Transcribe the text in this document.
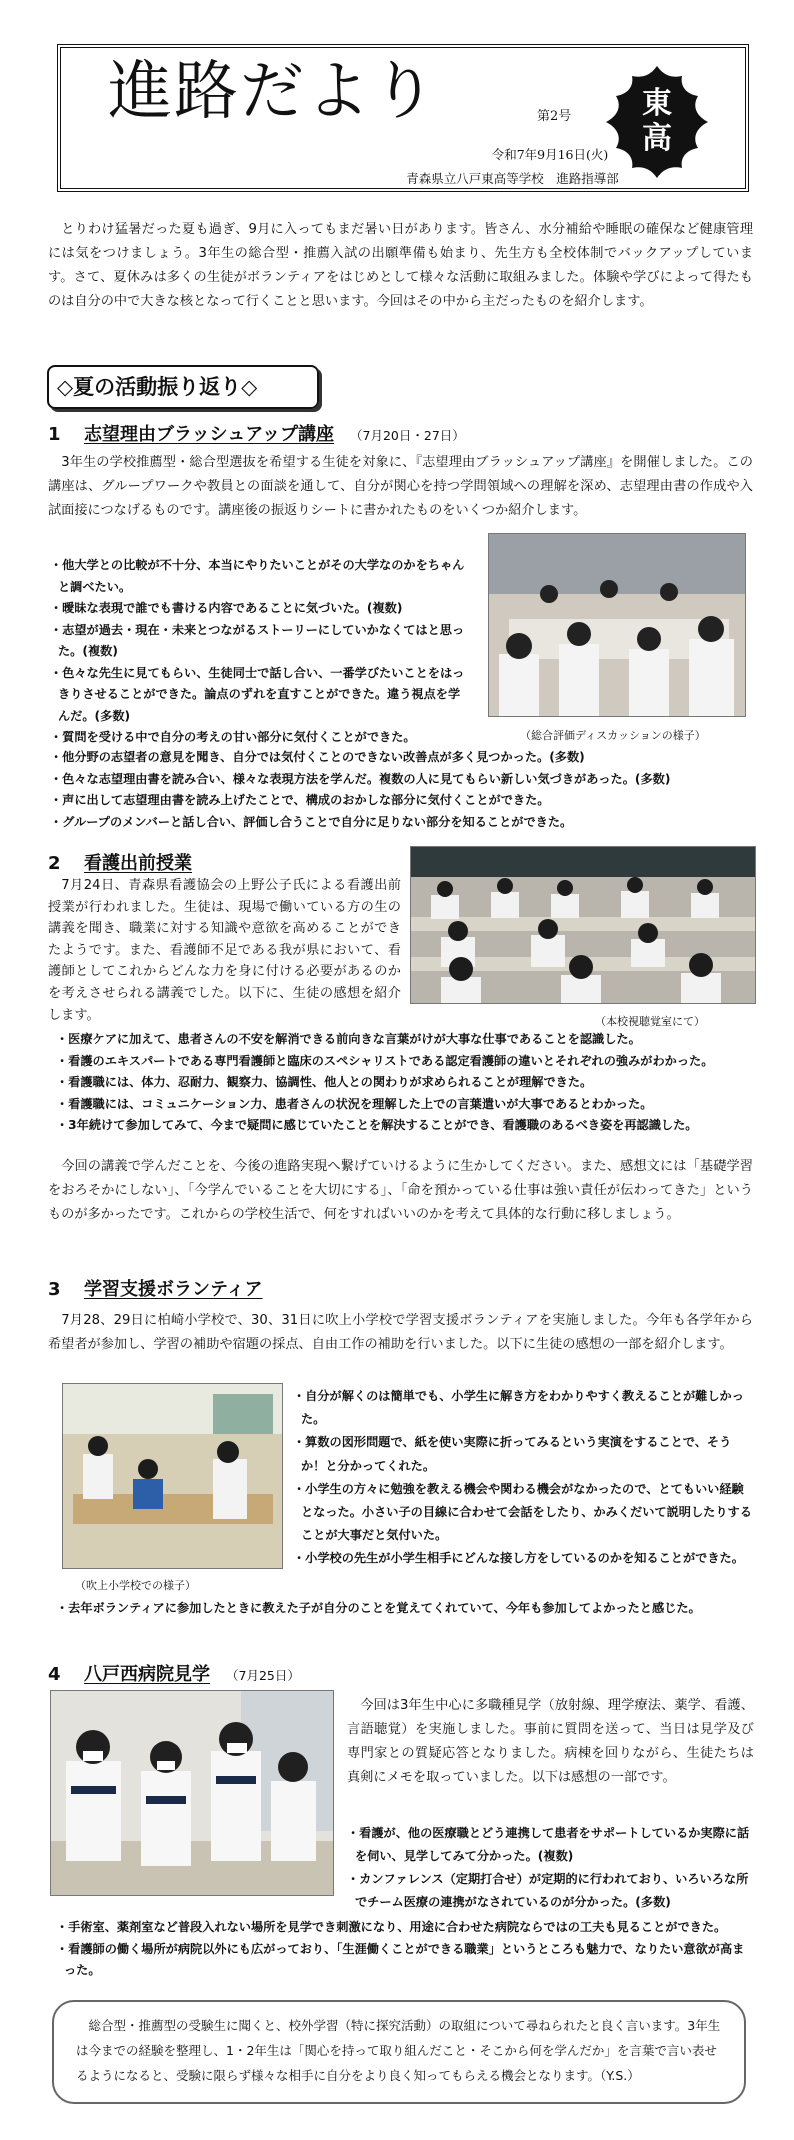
進路だより	第2号
令和7年9月16日(火)
青森県立八戸東高等学校　進路指導部
東
高

とりわけ猛暑だった夏も過ぎ、9月に入ってもまだ暑い日があります。皆さん、水分補給や睡眠の確保など健康管理には気をつけましょう。3年生の総合型・推薦入試の出願準備も始まり、先生方も全校体制でバックアップしています。さて、夏休みは多くの生徒がボランティアをはじめとして様々な活動に取組みました。体験や学びによって得たものは自分の中で大きな核となって行くことと思います。今回はその中から主だったものを紹介します。

◇夏の活動振り返り◇
1 志望理由ブラッシュアップ講座 （7月20日・27日）

3年生の学校推薦型・総合型選抜を希望する生徒を対象に、『志望理由ブラッシュアップ講座』を開催しました。この講座は、グループワークや教員との面談を通して、自分が関心を持つ学問領域への理解を深め、志望理由書の作成や入試面接につなげるものです。講座後の振返りシートに書かれたものをいくつか紹介します。

・他大学との比較が不十分、本当にやりたいことがその大学なのかをちゃんと調べたい。
・曖昧な表現で誰でも書ける内容であることに気づいた。(複数)
・志望が過去・現在・未来とつながるストーリーにしていかなくてはと思った。(複数)
・色々な先生に見てもらい、生徒同士で話し合い、一番学びたいことをはっきりさせることができた。論点のずれを直すことができた。違う視点を学んだ。(多数)
・質問を受ける中で自分の考えの甘い部分に気付くことができた。	（総合評価ディスカッションの様子）
・他分野の志望者の意見を聞き、自分では気付くことのできない改善点が多く見つかった。(多数)
・色々な志望理由書を読み合い、様々な表現方法を学んだ。複数の人に見てもらい新しい気づきがあった。(多数)
・声に出して志望理由書を読み上げたことで、構成のおかしな部分に気付くことができた。
・グループのメンバーと話し合い、評価し合うことで自分に足りない部分を知ることができた。
2 看護出前授業

7月24日、青森県看護協会の上野公子氏による看護出前授業が行われました。生徒は、現場で働いている方の生の講義を聞き、職業に対する知識や意欲を高めることができたようです。また、看護師不足である我が県において、看護師としてこれからどんな力を身に付ける必要があるのかを考えさせられる講義でした。以下に、生徒の感想を紹介します。	（本校視聴覚室にて）
・医療ケアに加えて、患者さんの不安を解消できる前向きな言葉がけが大事な仕事であることを認識した。
・看護のエキスパートである専門看護師と臨床のスペシャリストである認定看護師の違いとそれぞれの強みがわかった。
・看護職には、体力、忍耐力、観察力、協調性、他人との関わりが求められることが理解できた。
・看護職には、コミュニケーション力、患者さんの状況を理解した上での言葉遣いが大事であるとわかった。
・3年続けて参加してみて、今まで疑問に感じていたことを解決することができ、看護職のあるべき姿を再認識した。

今回の講義で学んだことを、今後の進路実現へ繋げていけるように生かしてください。また、感想文には「基礎学習をおろそかにしない」、「今学んでいることを大切にする」、「命を預かっている仕事は強い責任が伝わってきた」というものが多かったです。これからの学校生活で、何をすればいいのかを考えて具体的な行動に移しましょう。

3 学習支援ボランティア

7月28、29日に柏崎小学校で、30、31日に吹上小学校で学習支援ボランティアを実施しました。今年も各学年から希望者が参加し、学習の補助や宿題の採点、自由工作の補助を行いました。以下に生徒の感想の一部を紹介します。

（吹上小学校での様子）
・自分が解くのは簡単でも、小学生に解き方をわかりやすく教えることが難しかった。
・算数の図形問題で、紙を使い実際に折ってみるという実演をすることで、そうか！と分かってくれた。
・小学生の方々に勉強を教える機会や関わる機会がなかったので、とてもいい経験となった。小さい子の目線に合わせて会話をしたり、かみくだいて説明したりすることが大事だと気付いた。
・小学校の先生が小学生相手にどんな接し方をしているのかを知ることができた。
・去年ボランティアに参加したときに教えた子が自分のことを覚えてくれていて、今年も参加してよかったと感じた。
4 八戸西病院見学 （7月25日）

今回は3年生中心に多職種見学（放射線、理学療法、薬学、看護、言語聴覚）を実施しました。事前に質問を送って、当日は見学及び専門家との質疑応答となりました。病棟を回りながら、生徒たちは真剣にメモを取っていました。以下は感想の一部です。

・看護が、他の医療職とどう連携して患者をサポートしているか実際に話を伺い、見学してみて分かった。(複数)
・カンファレンス（定期打合せ）が定期的に行われており、いろいろな所でチーム医療の連携がなされているのが分かった。(多数)
・手術室、薬剤室など普段入れない場所を見学でき刺激になり、用途に合わせた病院ならではの工夫も見ることができた。
・看護師の働く場所が病院以外にも広がっており、「生涯働くことができる職業」というところも魅力で、なりたい意欲が高まった。

総合型・推薦型の受験生に聞くと、校外学習（特に探究活動）の取組について尋ねられたと良く言います。3年生は今までの経験を整理し、1・2年生は「関心を持って取り組んだこと・そこから何を学んだか」を言葉で言い表せるようになると、受験に限らず様々な相手に自分をより良く知ってもらえる機会となります。（Y.S.）
